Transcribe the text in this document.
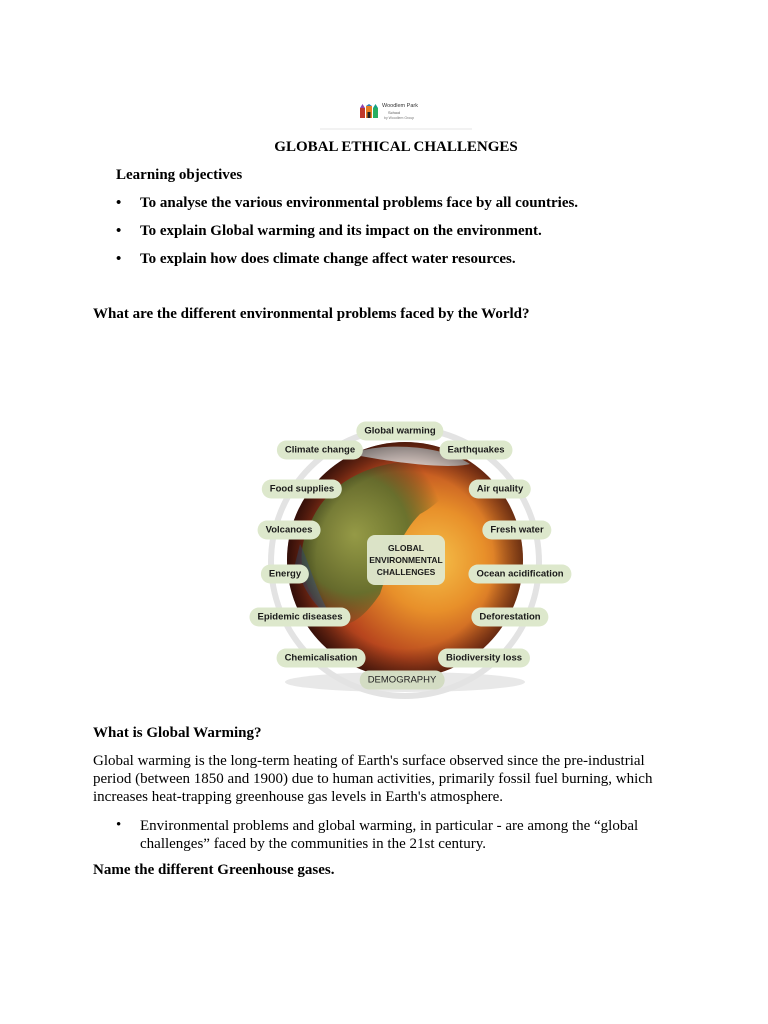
Woodlem Park
School
by Woodlem Group
GLOBAL ETHICAL CHALLENGES
Learning objectives
• To analyse the various environmental problems face by all countries.
• To explain Global warming and its impact on the environment.
• To explain how does climate change affect water resources.
What are the different environmental problems faced by the World?
GLOBAL
ENVIRONMENTAL
CHALLENGES
Global warming
Climate change	Earthquakes
Food supplies	Air quality
Volcanoes	Fresh water
Energy	Ocean acidification
Epidemic diseases	Deforestation
Chemicalisation	Biodiversity loss
DEMOGRAPHY
What is Global Warming?
Global warming is the long-term heating of Earth's surface observed since the pre-industrial period (between 1850 and 1900) due to human activities, primarily fossil fuel burning, which increases heat-trapping greenhouse gas levels in Earth's atmosphere.
• Environmental problems and global warming, in particular - are among the “global challenges” faced by the communities in the 21st century.
Name the different Greenhouse gases.
